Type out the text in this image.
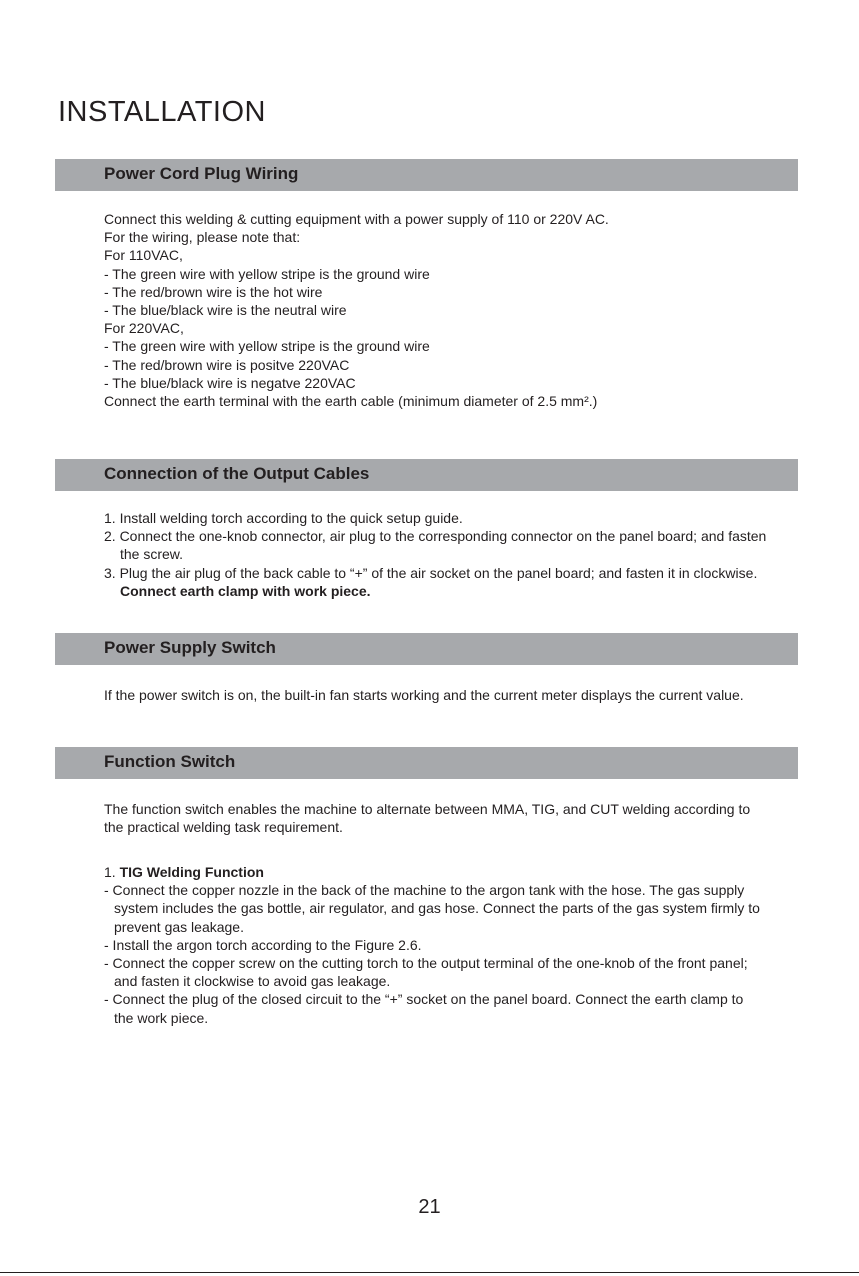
INSTALLATION
Power Cord Plug Wiring
Connect this welding & cutting equipment with a power supply of 110 or 220V AC.
For the wiring, please note that:
For 110VAC,
- The green wire with yellow stripe is the ground wire
- The red/brown wire is the hot wire
- The blue/black wire is the neutral wire
For 220VAC,
- The green wire with yellow stripe is the ground wire
- The red/brown wire is positve 220VAC
- The blue/black wire is negatve 220VAC
Connect the earth terminal with the earth cable (minimum diameter of 2.5 mm².)
Connection of the Output Cables
1. Install welding torch according to the quick setup guide.
2. Connect the one-knob connector, air plug to the corresponding connector on the panel board; and fasten the screw.
3. Plug the air plug of the back cable to “+” of the air socket on the panel board; and fasten it in clockwise. Connect earth clamp with work piece.
Power Supply Switch

If the power switch is on, the built-in fan starts working and the current meter displays the current value.

Function Switch

The function switch enables the machine to alternate between MMA, TIG, and CUT welding according to the practical welding task requirement.

1. TIG Welding Function
- Connect the copper nozzle in the back of the machine to the argon tank with the hose. The gas supply system includes the gas bottle, air regulator, and gas hose. Connect the parts of the gas system firmly to prevent gas leakage.
- Install the argon torch according to the Figure 2.6.
- Connect the copper screw on the cutting torch to the output terminal of the one-knob of the front panel; and fasten it clockwise to avoid gas leakage.
- Connect the plug of the closed circuit to the “+” socket on the panel board. Connect the earth clamp to the work piece.
21
